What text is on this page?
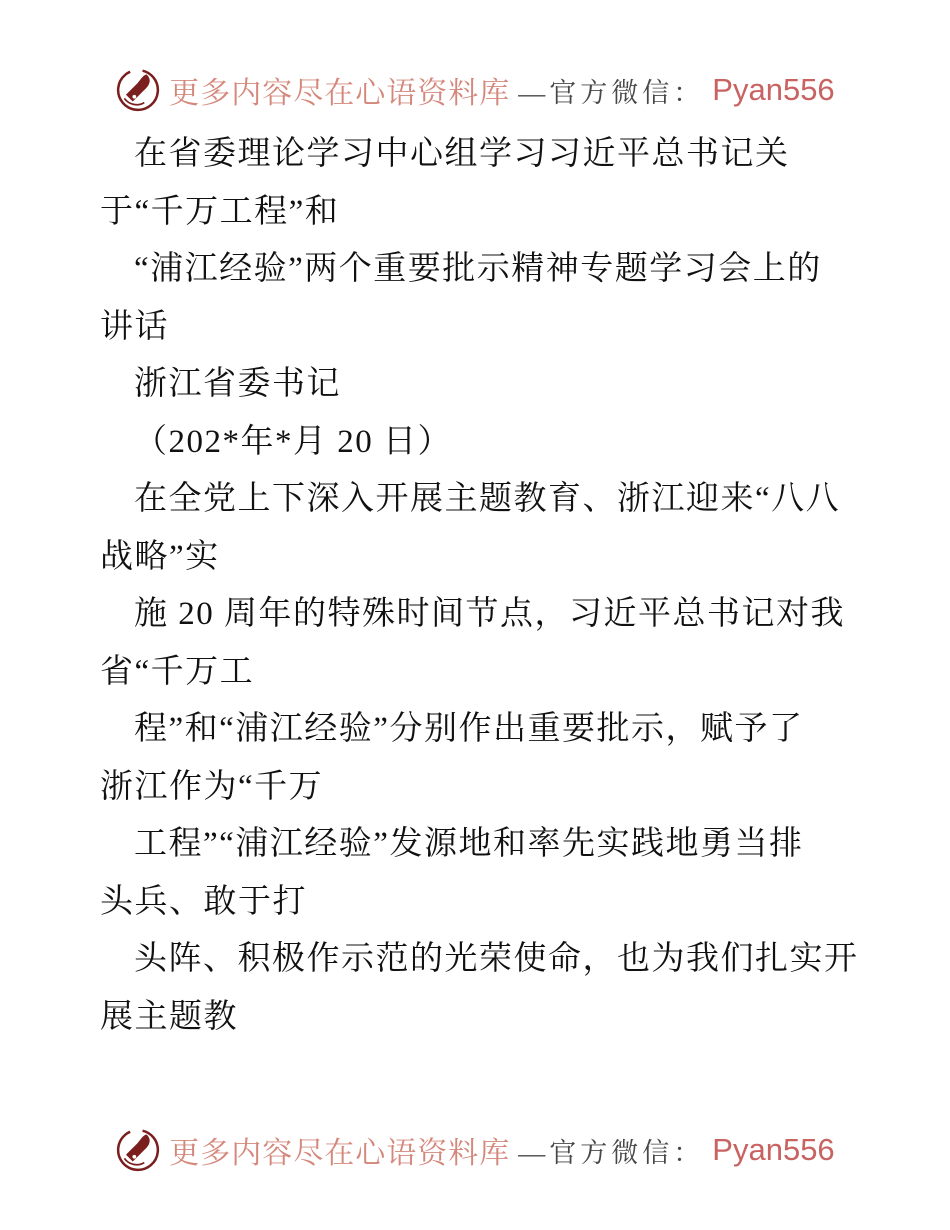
更多内容尽在心语资料库 —官方微信： Pyan556
在省委理论学习中心组学习习近平总书记关
于“千万工程”和
“浦江经验”两个重要批示精神专题学习会上的
讲话
浙江省委书记
（202*年*月 20 日）
在全党上下深入开展主题教育、浙江迎来“八八
战略”实
施 20 周年的特殊时间节点，习近平总书记对我
省“千万工
程”和“浦江经验”分别作出重要批示，赋予了
浙江作为“千万
工程”“浦江经验”发源地和率先实践地勇当排
头兵、敢于打
头阵、积极作示范的光荣使命，也为我们扎实开
展主题教
更多内容尽在心语资料库 —官方微信： Pyan556
